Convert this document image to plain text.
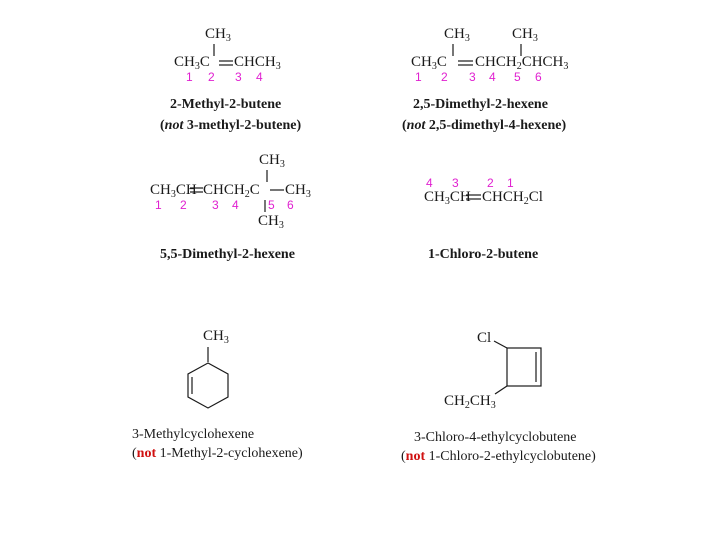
$CH_3$
$CH_3C$ $CHCH_3$
1 2 3 4
2-Methyl-2-butene
(not 3-methyl-2-butene)
$CH_3$	$CH_3$
$CH_3C$ $CHCH_2CHCH_3$
1 2 3 4 5 6
2,5-Dimethyl-2-hexene
(not 2,5-dimethyl-4-hexene)
$CH_3$
$CH_3CH$ $CHCH_2C$ $CH_3$
1 2 3 4 5 6
$CH_3$
5,5-Dimethyl-2-hexene
4 3 2 1
$CH_3CH$ $CHCH_2Cl$
1-Chloro-2-butene
$CH_3$
3-Methylcyclohexene
(not 1-Methyl-2-cyclohexene)
Cl
$CH_2CH_3$
3-Chloro-4-ethylcyclobutene
(not 1-Chloro-2-ethylcyclobutene)
